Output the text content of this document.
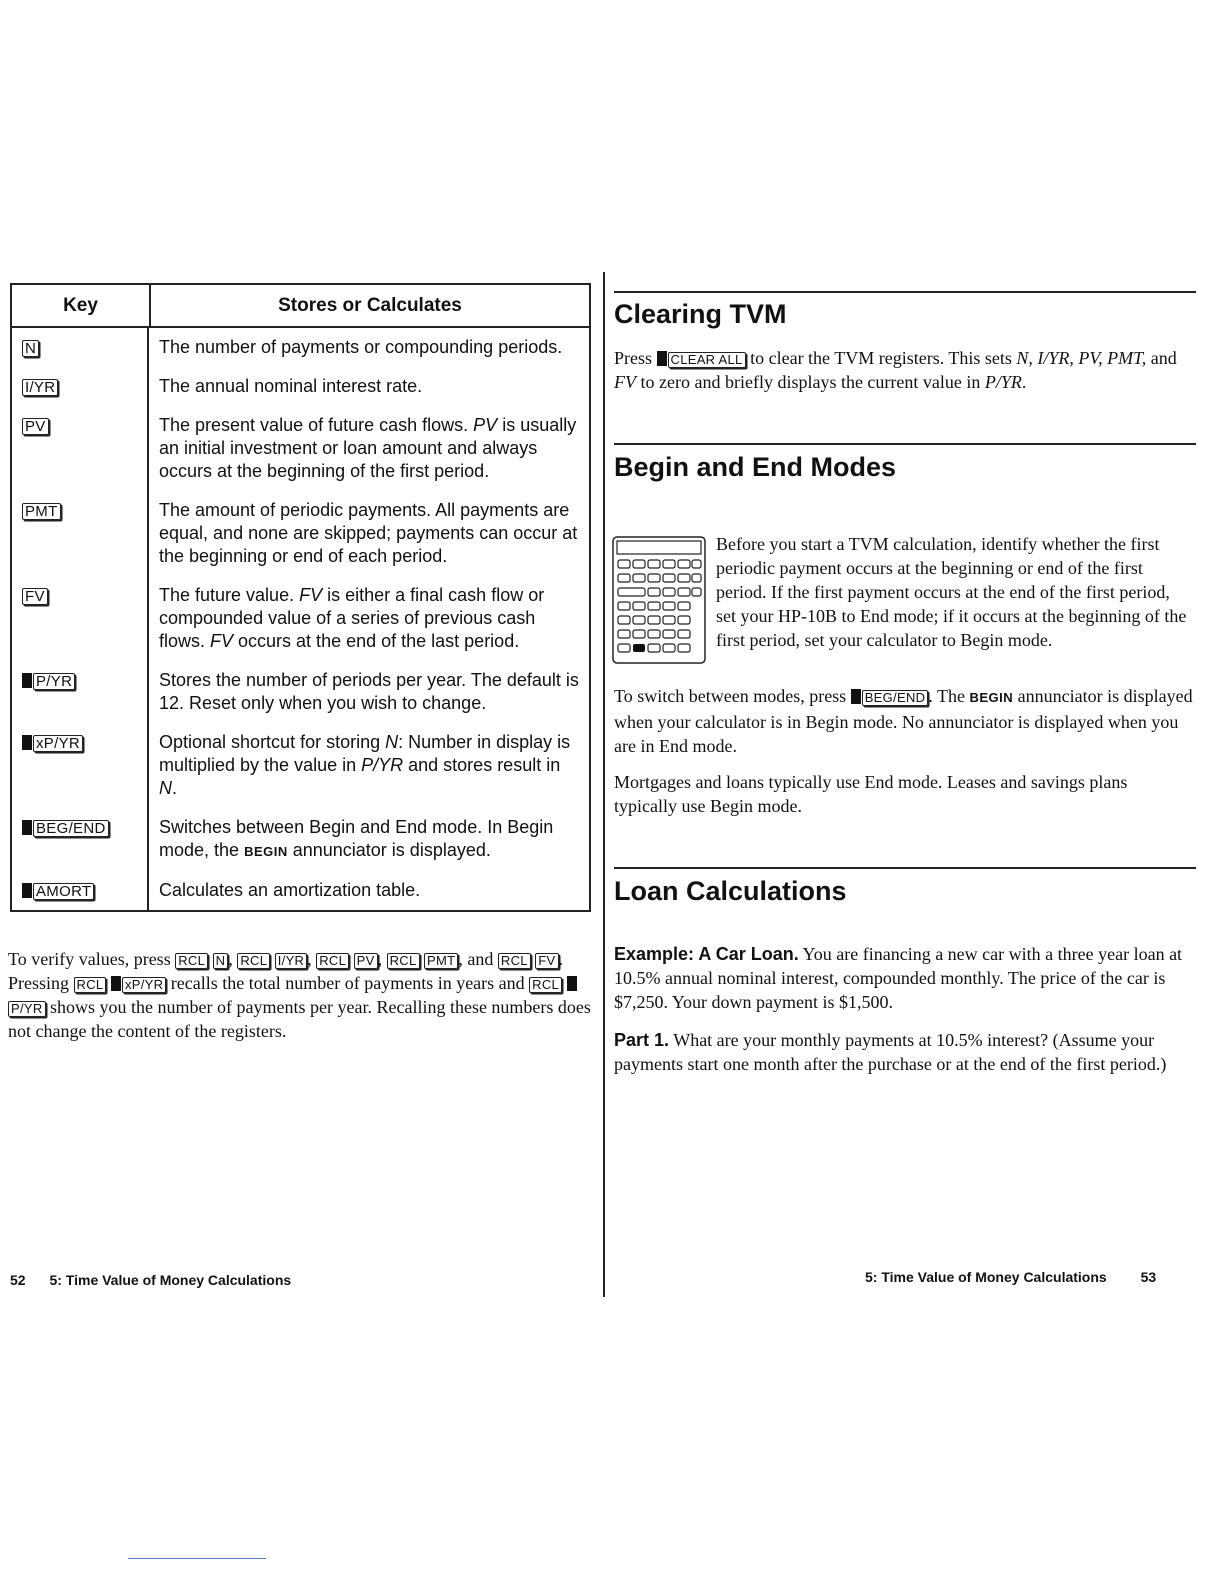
Key	Stores or Calculates
N	The number of payments or compounding periods.
I/YR	The annual nominal interest rate.
PV	The present value of future cash flows. PV is usually an initial investment or loan amount and always occurs at the beginning of the first period.
PMT	The amount of periodic payments. All payments are equal, and none are skipped; payments can occur at the beginning or end of each period.
FV	The future value. FV is either a final cash flow or compounded value of a series of previous cash flows. FV occurs at the end of the last period.
P/YR	Stores the number of periods per year. The default is 12. Reset only when you wish to change.
xP/YR	Optional shortcut for storing N: Number in display is multiplied by the value in P/YR and stores result in N.
BEG/END	Switches between Begin and End mode. In Begin mode, the BEGIN annunciator is displayed.
AMORT	Calculates an amortization table.
To verify values, press RCL N , RCL I/YR , RCL PV , RCL PMT , and RCL FV . Pressing RCL xP/YR recalls the total number of payments in years and RCL P/YR shows you the number of payments per year. Recalling these numbers does not change the content of the registers.
52 5: Time Value of Money Calculations
Clearing TVM
Press CLEAR ALL to clear the TVM registers. This sets N, I/YR, PV, PMT, and FV to zero and briefly displays the current value in P/YR.
Begin and End Modes
Before you start a TVM calculation, identify whether the first periodic payment occurs at the beginning or end of the first period. If the first payment occurs at the end of the first period, set your HP-10B to End mode; if it occurs at the beginning of the first period, set your calculator to Begin mode.
To switch between modes, press BEG/END . The BEGIN annunciator is displayed when your calculator is in Begin mode. No annunciator is displayed when you are in End mode.
Mortgages and loans typically use End mode. Leases and savings plans typically use Begin mode.
Loan Calculations
Example: A Car Loan. You are financing a new car with a three year loan at 10.5% annual nominal interest, compounded monthly. The price of the car is $7,250. Your down payment is $1,500.
Part 1. What are your monthly payments at 10.5% interest? (Assume your payments start one month after the purchase or at the end of the first period.)
5: Time Value of Money Calculations 53
